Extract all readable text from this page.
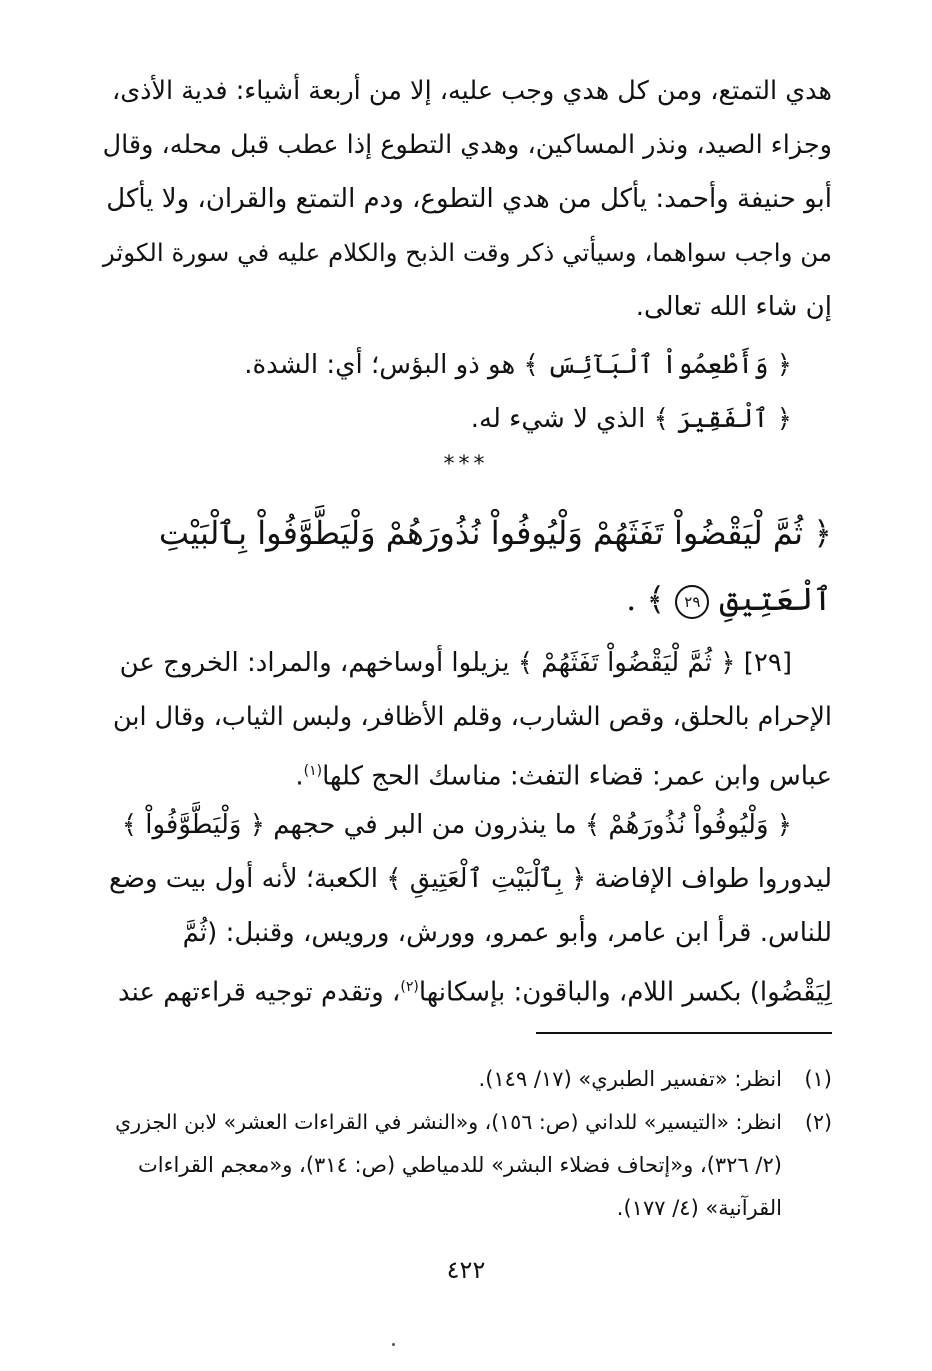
هدي التمتع، ومن كل هدي وجب عليه، إلا من أربعة أشياء: فدية الأذى،
وجزاء الصيد، ونذر المساكين، وهدي التطوع إذا عطب قبل محله، وقال
أبو حنيفة وأحمد: يأكل من هدي التطوع، ودم التمتع والقران، ولا يأكل
من واجب سواهما، وسيأتي ذكر وقت الذبح والكلام عليه في سورة الكوثر
إن شاء الله تعالى.
﴿ وَأَطْعِمُواْ ٱلْبَآئِسَ ﴾ هو ذو البؤس؛ أي: الشدة.
﴿ ٱلْفَقِيرَ ﴾ الذي لا شيء له.
***
﴿ ثُمَّ لْيَقْضُواْ تَفَثَهُمْ وَلْيُوفُواْ نُذُورَهُمْ وَلْيَطَّوَّفُواْ بِٱلْبَيْتِ
ٱلْعَتِيقِ ٢٩ ﴾ .
[٢٩] ﴿ ثُمَّ لْيَقْضُواْ تَفَثَهُمْ ﴾ يزيلوا أوساخهم، والمراد: الخروج عن
الإحرام بالحلق، وقص الشارب، وقلم الأظافر، ولبس الثياب، وقال ابن
عباس وابن عمر: قضاء التفث: مناسك الحج كلها$^{(١)}$.
﴿ وَلْيُوفُواْ نُذُورَهُمْ ﴾ ما ينذرون من البر في حجهم ﴿ وَلْيَطَّوَّفُواْ ﴾
ليدوروا طواف الإفاضة ﴿ بِٱلْبَيْتِ ٱلْعَتِيقِ ﴾ الكعبة؛ لأنه أول بيت وضع
للناس. قرأ ابن عامر، وأبو عمرو، وورش، ورويس، وقنبل: (ثُمَّ
لِيَقْضُوا) بكسر اللام، والباقون: بإسكانها$^{(٢)}$، وتقدم توجيه قراءتهم عند
(١)انظر: «تفسير الطبري» (١٧/ ١٤٩).
(٢)انظر: «التيسير» للداني (ص: ١٥٦)، و«النشر في القراءات العشر» لابن الجزري
(٢/ ٣٢٦)، و«إتحاف فضلاء البشر» للدمياطي (ص: ٣١٤)، و«معجم القراءات
القرآنية» (٤/ ١٧٧).
٤٢٢
